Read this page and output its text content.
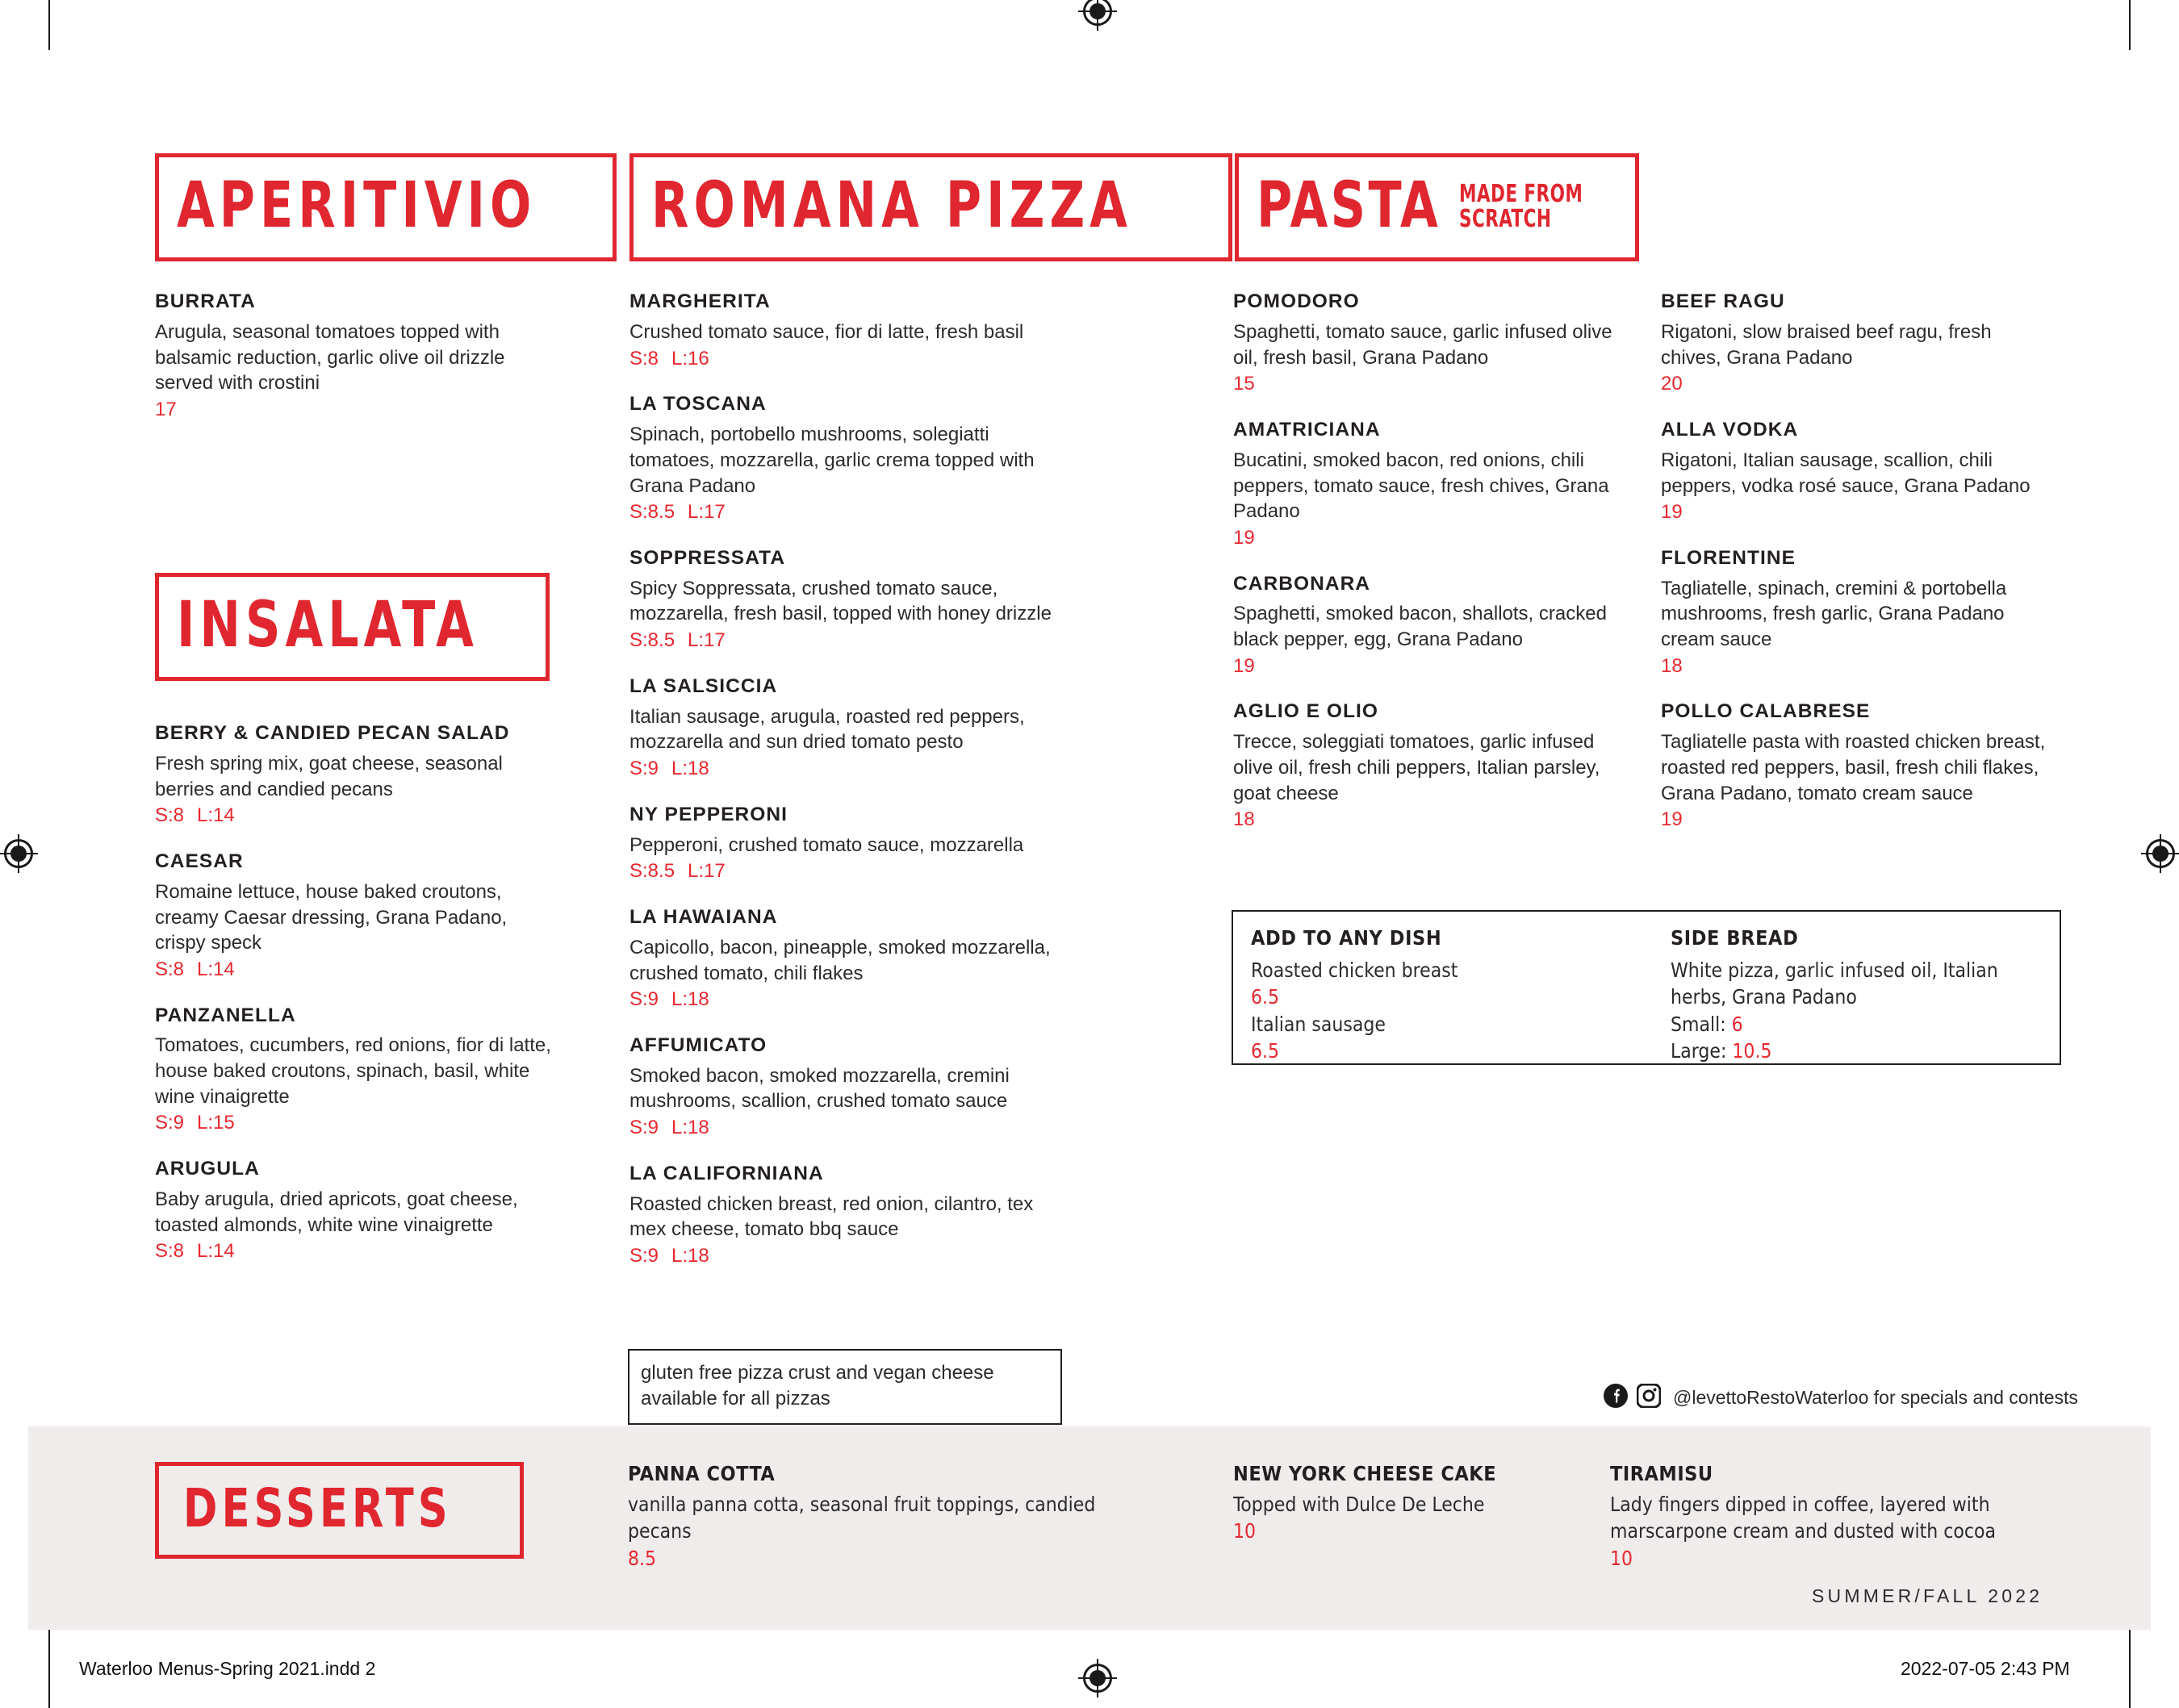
APERITIVIO
BURRATA
Arugula, seasonal tomatoes topped with balsamic reduction, garlic olive oil drizzle served with crostini
17
INSALATA
BERRY & CANDIED PECAN SALAD
Fresh spring mix, goat cheese, seasonal berries and candied pecans
S:8 L:14
CAESAR
Romaine lettuce, house baked croutons, creamy Caesar dressing, Grana Padano, crispy speck
S:8 L:14
PANZANELLA
Tomatoes, cucumbers, red onions, fior di latte, house baked croutons, spinach, basil, white wine vinaigrette
S:9 L:15
ARUGULA
Baby arugula, dried apricots, goat cheese, toasted almonds, white wine vinaigrette
S:8 L:14
ROMANA PIZZA
MARGHERITA
Crushed tomato sauce, fior di latte, fresh basil
S:8 L:16
LA TOSCANA
Spinach, portobello mushrooms, solegiatti tomatoes, mozzarella, garlic crema topped with Grana Padano
S:8.5 L:17
SOPPRESSATA
Spicy Soppressata, crushed tomato sauce, mozzarella, fresh basil, topped with honey drizzle
S:8.5 L:17
LA SALSICCIA
Italian sausage, arugula, roasted red peppers, mozzarella and sun dried tomato pesto
S:9 L:18
NY PEPPERONI
Pepperoni, crushed tomato sauce, mozzarella
S:8.5 L:17
LA HAWAIANA
Capicollo, bacon, pineapple, smoked mozzarella, crushed tomato, chili flakes
S:9 L:18
AFFUMICATO
Smoked bacon, smoked mozzarella, cremini mushrooms, scallion, crushed tomato sauce
S:9 L:18
LA CALIFORNIANA
Roasted chicken breast, red onion, cilantro, tex mex cheese, tomato bbq sauce
S:9 L:18
gluten free pizza crust and vegan cheese
available for all pizzas
PASTA MADE FROM
SCRATCH
POMODORO
Spaghetti, tomato sauce, garlic infused olive oil, fresh basil, Grana Padano
15
AMATRICIANA
Bucatini, smoked bacon, red onions, chili peppers, tomato sauce, fresh chives, Grana Padano
19
CARBONARA
Spaghetti, smoked bacon, shallots, cracked black pepper, egg, Grana Padano
19
AGLIO E OLIO
Trecce, soleggiati tomatoes, garlic infused olive oil, fresh chili peppers, Italian parsley, goat cheese
18
BEEF RAGU
Rigatoni, slow braised beef ragu, fresh chives, Grana Padano
20
ALLA VODKA
Rigatoni, Italian sausage, scallion, chili peppers, vodka rosé sauce, Grana Padano
19
FLORENTINE
Tagliatelle, spinach, cremini & portobella mushrooms, fresh garlic, Grana Padano cream sauce
18
POLLO CALABRESE
Tagliatelle pasta with roasted chicken breast, roasted red peppers, basil, fresh chili flakes, Grana Padano, tomato cream sauce
19
ADD TO ANY DISH
Roasted chicken breast
6.5
Italian sausage
6.5
SIDE BREAD
White pizza, garlic infused oil, Italian herbs, Grana Padano
Small: 6
Large: 10.5
@levettoRestoWaterloo for specials and contests
DESSERTS
PANNA COTTA
vanilla panna cotta, seasonal fruit toppings, candied pecans
8.5
NEW YORK CHEESE CAKE
Topped with Dulce De Leche
10
TIRAMISU
Lady fingers dipped in coffee, layered with marscarpone cream and dusted with cocoa
10
SUMMER/FALL 2022
Waterloo Menus-Spring 2021.indd 2	2022-07-05 2:43 PM
